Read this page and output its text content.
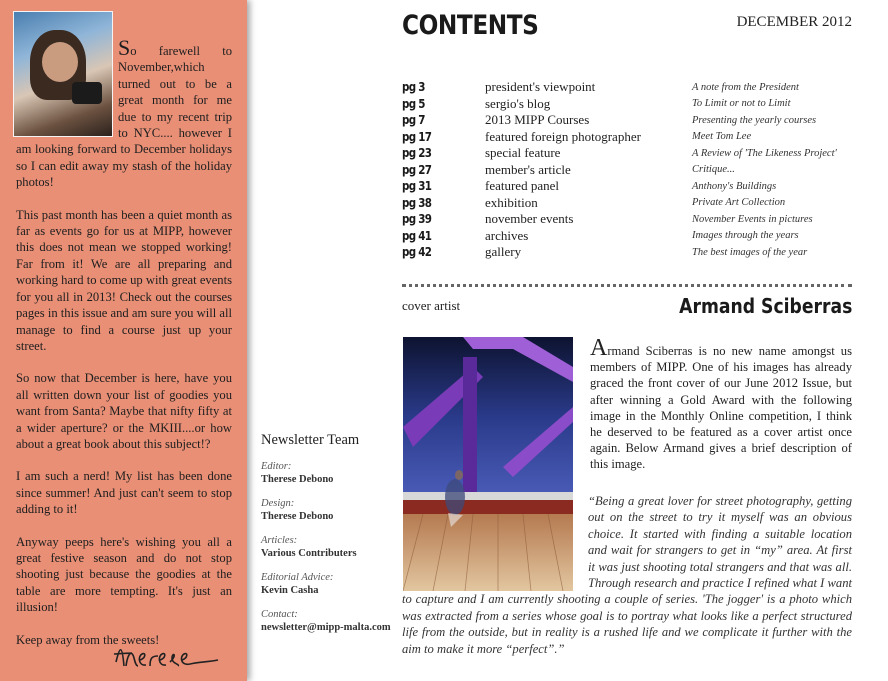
So farewell to November,which turned out to be a great month for me due to my recent trip to NYC.... however I am looking forward to December holidays so I can edit away my stash of the holiday photos!

This past month has been a quiet month as far as events go for us at MIPP, however this does not mean we stopped working! Far from it! We are all preparing and working hard to come up with great events for you all in 2013! Check out the courses pages in this issue and am sure you will all manage to find a course just up your street.

So now that December is here, have you all written down your list of goodies you want from Santa? Maybe that nifty fifty at a wider aperture? or the MKIII....or how about a great book about this subject!?

I am such a nerd! My list has been done since summer! And just can't seem to stop adding to it!

Anyway peeps here's wishing you all a great festive season and do not stop shooting just because the goodies at the table are more tempting. It's just an illusion!

Keep away from the sweets!

Newsletter Team

Editor:

Therese Debono

Design:

Therese Debono

Articles:

Various Contributers

Editorial Advice:

Kevin Casha

Contact:

newsletter@mipp-malta.com

CONTENTS	DECEMBER 2012
pg 3	president's viewpoint	A note from the President
pg 5	sergio's blog	To Limit or not to Limit
pg 7	2013 MIPP Courses	Presenting the yearly courses
pg 17	featured foreign photographer	Meet Tom Lee
pg 23	special feature	A Review of 'The Likeness Project'
pg 27	member's article	Critique...
pg 31	featured panel	Anthony's Buildings
pg 38	exhibition	Private Art Collection
pg 39	november events	November Events in pictures
pg 41	archives	Images through the years
pg 42	gallery	The best images of the year
cover artist	Armand Sciberras

Armand Sciberras is no new name amongst us members of MIPP. One of his images has already graced the front cover of our June 2012 Issue, but after winning a Gold Award with the following image in the Monthly Online competition, I think he deserved to be featured as a cover artist once again. Below Armand gives a brief description of this image.

“Being a great lover for street photography, getting out on the street to try it myself was an obvious choice. It started with finding a suitable location and wait for strangers to get in “my” area. At first it was just shooting total strangers and that was all. Through research and practice I refined what I want to capture and I am currently shooting a couple of series. 'The jogger' is a photo which was extracted from a series whose goal is to portray what looks like a perfect structured life from the outside, but in reality is a rushed life and we complicate it further with the aim to make it more “perfect”.”
